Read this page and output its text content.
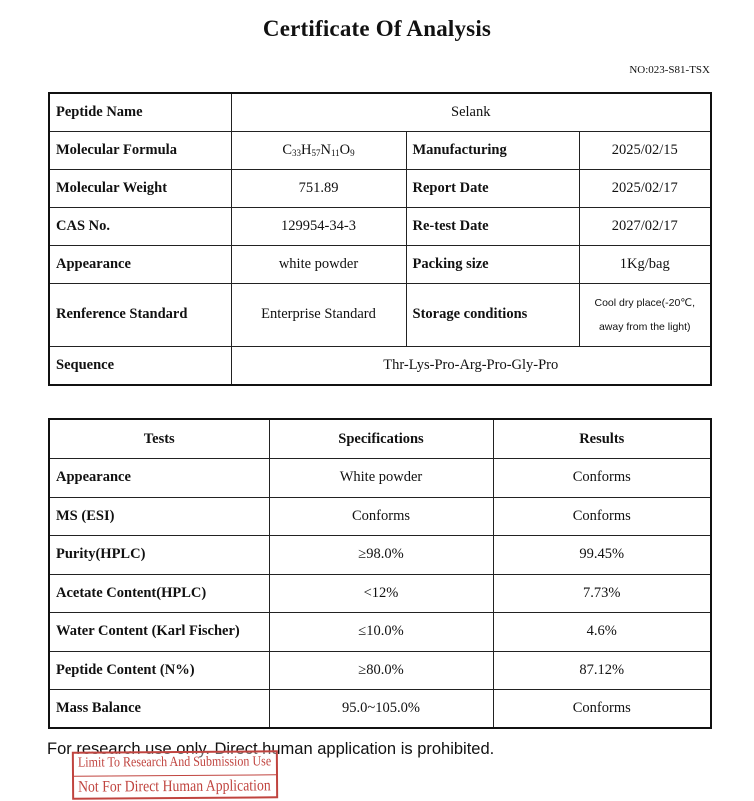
Certificate Of Analysis
NO:023-S81-TSX
Peptide Name	Selank		
Molecular Formula	$C_{33}H_{57}N_{11}O_9$	Manufacturing	2025/02/15
Molecular Weight	751.89	Report Date	2025/02/17
CAS No.	129954-34-3	Re-test Date	2027/02/17
Appearance	white powder	Packing size	1Kg/bag
Renference Standard	Enterprise Standard	Storage conditions	Cool dry place(-20℃,
away from the light)

Sequence	Thr-Lys-Pro-Arg-Pro-Gly-Pro		
Tests	Specifications	Results
Appearance	White powder	Conforms
MS (ESI)	Conforms	Conforms
Purity(HPLC)	≥98.0%	99.45%
Acetate Content(HPLC)	<12%	7.73%
Water Content (Karl Fischer)	≤10.0%	4.6%
Peptide Content (N%)	≥80.0%	87.12%
Mass Balance	95.0~105.0%	Conforms
For research use only. Direct human application is prohibited.
Limit To Research And Submission Use
Not For Direct Human Application
